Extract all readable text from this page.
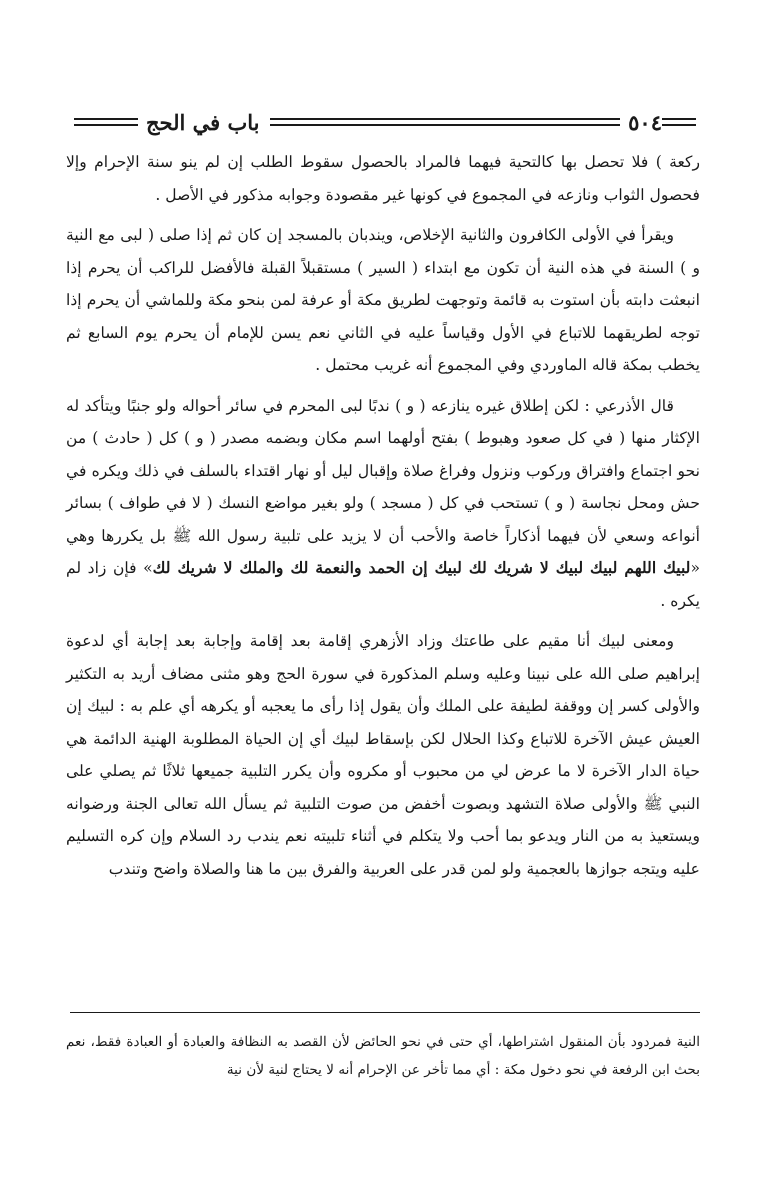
٥٠٤
باب في الحج

ركعة ) فلا تحصل بها كالتحية فيهما فالمراد بالحصول سقوط الطلب إن لم ينو سنة الإحرام وإلا فحصول الثواب ونازعه في المجموع في كونها غير مقصودة وجوابه مذكور في الأصل .

ويقرأ في الأولى الكافرون والثانية الإخلاص، ويندبان بالمسجد إن كان ثم إذا صلى ( لبى مع النية و ) السنة في هذه النية أن تكون مع ابتداء ( السير ) مستقبلاً القبلة فالأفضل للراكب أن يحرم إذا انبعثت دابته بأن استوت به قائمة وتوجهت لطريق مكة أو عرفة لمن بنحو مكة وللماشي أن يحرم إذا توجه لطريقهما للاتباع في الأول وقياساً عليه في الثاني نعم يسن للإمام أن يحرم يوم السابع ثم يخطب بمكة قاله الماوردي وفي المجموع أنه غريب محتمل .

قال الأذرعي : لكن إطلاق غيره ينازعه ( و ) ندبًا لبى المحرم في سائر أحواله ولو جنبًا ويتأكد له الإكثار منها ( في كل صعود وهبوط ) بفتح أولهما اسم مكان وبضمه مصدر ( و ) كل ( حادث ) من نحو اجتماع وافتراق وركوب ونزول وفراغ صلاة وإقبال ليل أو نهار اقتداء بالسلف في ذلك ويكره في حش ومحل نجاسة ( و ) تستحب في كل ( مسجد ) ولو بغير مواضع النسك ( لا في طواف ) بسائر أنواعه وسعي لأن فيهما أذكاراً خاصة والأحب أن لا يزيد على تلبية رسول الله ﷺ بل يكررها وهي «لبيك اللهم لبيك لبيك لا شريك لك لبيك إن الحمد والنعمة لك والملك لا شريك لك» فإن زاد لم يكره .

ومعنى لبيك أنا مقيم على طاعتك وزاد الأزهري إقامة بعد إقامة وإجابة بعد إجابة أي لدعوة إبراهيم صلى الله على نبينا وعليه وسلم المذكورة في سورة الحج وهو مثنى مضاف أريد به التكثير والأولى كسر إن ووقفة لطيفة على الملك وأن يقول إذا رأى ما يعجبه أو يكرهه أي علم به : لبيك إن العيش عيش الآخرة للاتباع وكذا الحلال لكن بإسقاط لبيك أي إن الحياة المطلوبة الهنية الدائمة هي حياة الدار الآخرة لا ما عرض لي من محبوب أو مكروه وأن يكرر التلبية جميعها ثلاثًا ثم يصلي على النبي ﷺ والأولى صلاة التشهد وبصوت أخفض من صوت التلبية ثم يسأل الله تعالى الجنة ورضوانه ويستعيذ به من النار ويدعو بما أحب ولا يتكلم في أثناء تلبيته نعم يندب رد السلام وإن كره التسليم عليه ويتجه جوازها بالعجمية ولو لمن قدر على العربية والفرق بين ما هنا والصلاة واضح وتندب

النية فمردود بأن المنقول اشتراطها، أي حتى في نحو الحائض لأن القصد به النظافة والعبادة أو العبادة فقط، نعم بحث ابن الرفعة في نحو دخول مكة : أي مما تأخر عن الإحرام أنه لا يحتاج لنية لأن نية
